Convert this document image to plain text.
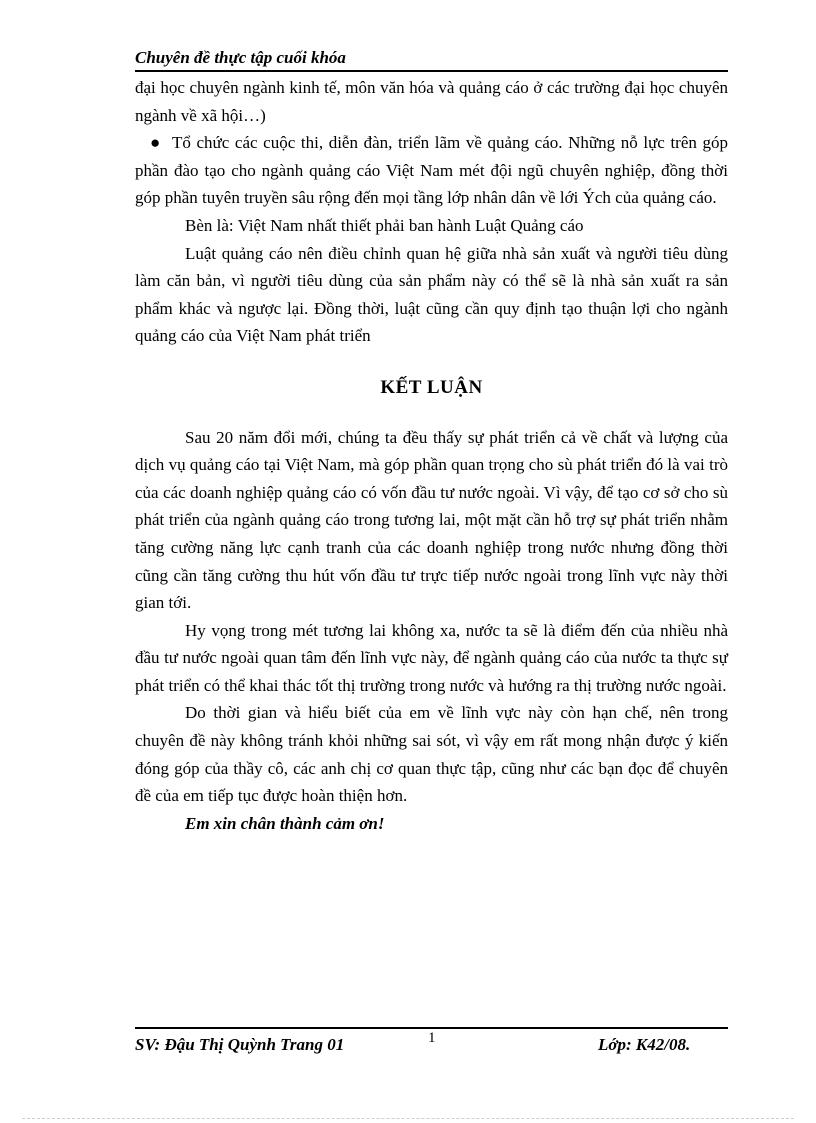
Chuyên đề thực tập cuối khóa

đại học chuyên ngành kinh tế, môn văn hóa và quảng cáo ở các trường đại học chuyên ngành về xã hội…)

● Tổ chức các cuộc thi, diễn đàn, triển lãm về quảng cáo. Những nỗ lực trên góp phần đào tạo cho ngành quảng cáo Việt Nam mét đội ngũ chuyên nghiệp, đồng thời góp phần tuyên truyền sâu rộng đến mọi tầng lớp nhân dân về lới Ých của quảng cáo.

Bèn là: Việt Nam nhất thiết phải ban hành Luật Quảng cáo

Luật quảng cáo nên điều chỉnh quan hệ giữa nhà sản xuất và người tiêu dùng làm căn bản, vì người tiêu dùng của sản phẩm này có thể sẽ là nhà sản xuất ra sản phẩm khác và ngược lại. Đồng thời, luật cũng cần quy định tạo thuận lợi cho ngành quảng cáo của Việt Nam phát triển

KẾT LUẬN

Sau 20 năm đổi mới, chúng ta đều thấy sự phát triển cả về chất và lượng của dịch vụ quảng cáo tại Việt Nam, mà góp phần quan trọng cho sù phát triển đó là vai trò của các doanh nghiệp quảng cáo có vốn đầu tư nước ngoài. Vì vậy, để tạo cơ sở cho sù phát triển của ngành quảng cáo trong tương lai, một mặt cần hỗ trợ sự phát triển nhằm tăng cường năng lực cạnh tranh của các doanh nghiệp trong nước nhưng đồng thời cũng cần tăng cường thu hút vốn đầu tư trực tiếp nước ngoài trong lĩnh vực này thời gian tới.

Hy vọng trong mét tương lai không xa, nước ta sẽ là điểm đến của nhiều nhà đầu tư nước ngoài quan tâm đến lĩnh vực này, để ngành quảng cáo của nước ta thực sự phát triển có thể khai thác tốt thị trường trong nước và hướng ra thị trường nước ngoài.

Do thời gian và hiểu biết của em về lĩnh vực này còn hạn chế, nên trong chuyên đề này không tránh khỏi những sai sót, vì vậy em rất mong nhận được ý kiến đóng góp của thầy cô, các anh chị cơ quan thực tập, cũng như các bạn đọc để chuyên đề của em tiếp tục được hoàn thiện hơn.

Em xin chân thành cảm ơn!

SV: Đậu Thị Quỳnh Trang 01	1	Lớp: K42/08.
